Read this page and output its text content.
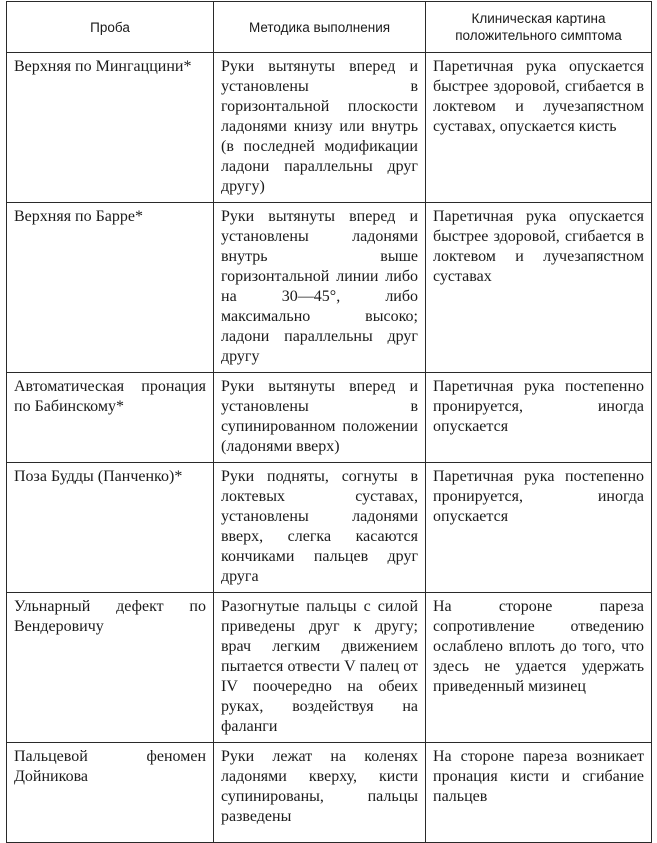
Проба	Методика выполнения	Клиническая картина положительного симптома
Верхняя по Мингаццини*	Руки вытянуты вперед и установлены в горизонтальной плоскости ладонями книзу или внутрь (в последней модификации ладони параллельны друг другу)	Паретичная рука опускается быстрее здоровой, сгибается в локтевом и лучезапястном суставах, опускается кисть
Верхняя по Барре*	Руки вытянуты вперед и установлены ладонями внутрь выше горизонтальной линии либо на 30—45°, либо максимально высоко; ладони параллельны друг другу	Паретичная рука опускается быстрее здоровой, сгибается в локтевом и лучезапястном суставах
Автоматическая пронация по Бабинскому*	Руки вытянуты вперед и установлены в супинированном положении (ладонями вверх)	Паретичная рука постепенно пронируется, иногда опускается
Поза Будды (Панченко)*	Руки подняты, согнуты в локтевых суставах, установлены ладонями вверх, слегка касаются кончиками пальцев друг друга	Паретичная рука постепенно пронируется, иногда опускается
Ульнарный дефект по Вендеровичу	Разогнутые пальцы с силой приведены друг к другу; врач легким движением пытается отвести V палец от IV поочередно на обеих руках, воздействуя на фаланги	На стороне пареза сопротивление отведению ослаблено вплоть до того, что здесь не удается удержать приведенный мизинец
Пальцевой феномен Дойникова	Руки лежат на коленях ладонями кверху, кисти супинированы, пальцы разведены	На стороне пареза возникает пронация кисти и сгибание пальцев
